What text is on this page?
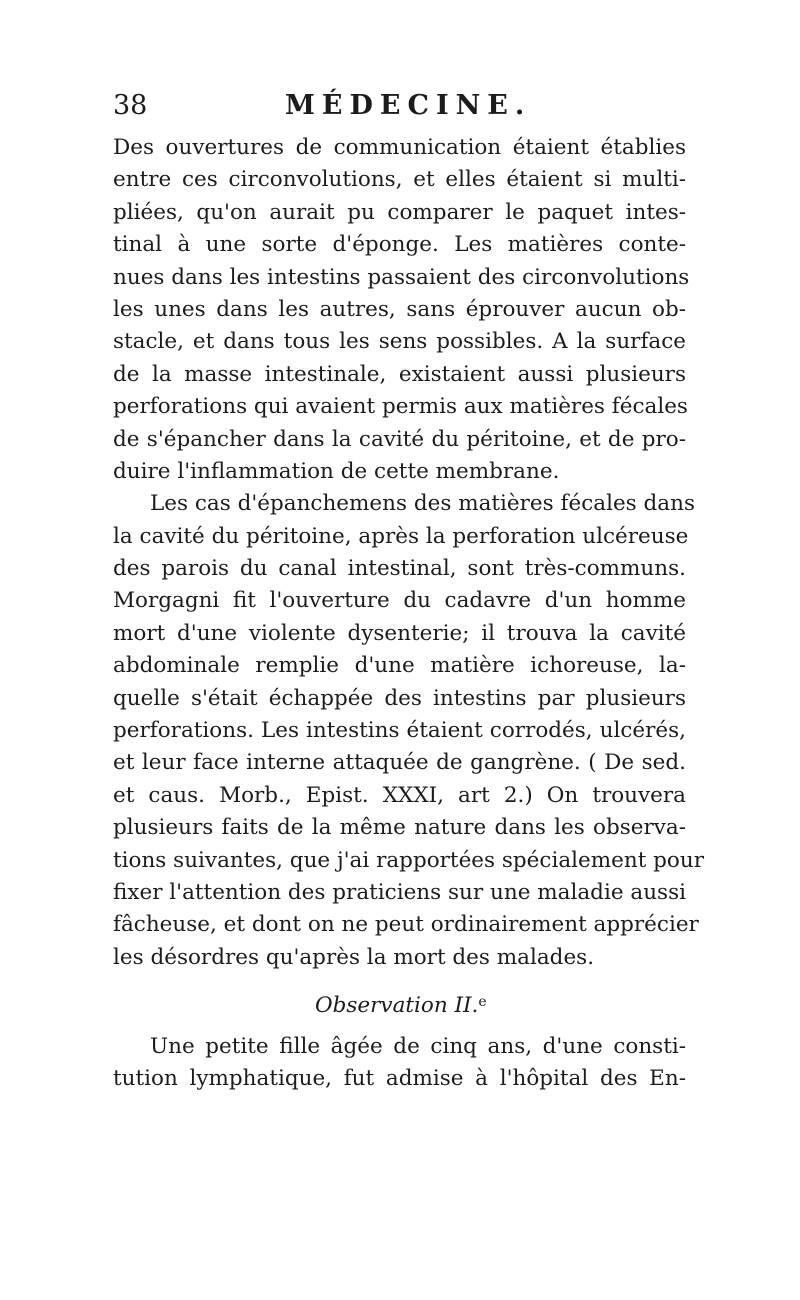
38	MÉDECINE.
Des ouvertures de communication étaient établies
entre ces circonvolutions, et elles étaient si multi-
pliées, qu'on aurait pu comparer le paquet intes-
tinal à une sorte d'éponge. Les matières conte-
nues dans les intestins passaient des circonvolutions
les unes dans les autres, sans éprouver aucun ob-
stacle, et dans tous les sens possibles. A la surface
de la masse intestinale, existaient aussi plusieurs
perforations qui avaient permis aux matières fécales
de s'épancher dans la cavité du péritoine, et de pro-
duire l'inflammation de cette membrane.
Les cas d'épanchemens des matières fécales dans
la cavité du péritoine, après la perforation ulcéreuse
des parois du canal intestinal, sont très-communs.
Morgagni fit l'ouverture du cadavre d'un homme
mort d'une violente dysenterie; il trouva la cavité
abdominale remplie d'une matière ichoreuse, la-
quelle s'était échappée des intestins par plusieurs
perforations. Les intestins étaient corrodés, ulcérés,
et leur face interne attaquée de gangrène. ( De sed.
et caus. Morb., Epist. XXXI, art 2.) On trouvera
plusieurs faits de la même nature dans les observa-
tions suivantes, que j'ai rapportées spécialement pour
fixer l'attention des praticiens sur une maladie aussi
fâcheuse, et dont on ne peut ordinairement apprécier
les désordres qu'après la mort des malades.
Observation II.$^e$
Une petite fille âgée de cinq ans, d'une consti-
tution lymphatique, fut admise à l'hôpital des En-
